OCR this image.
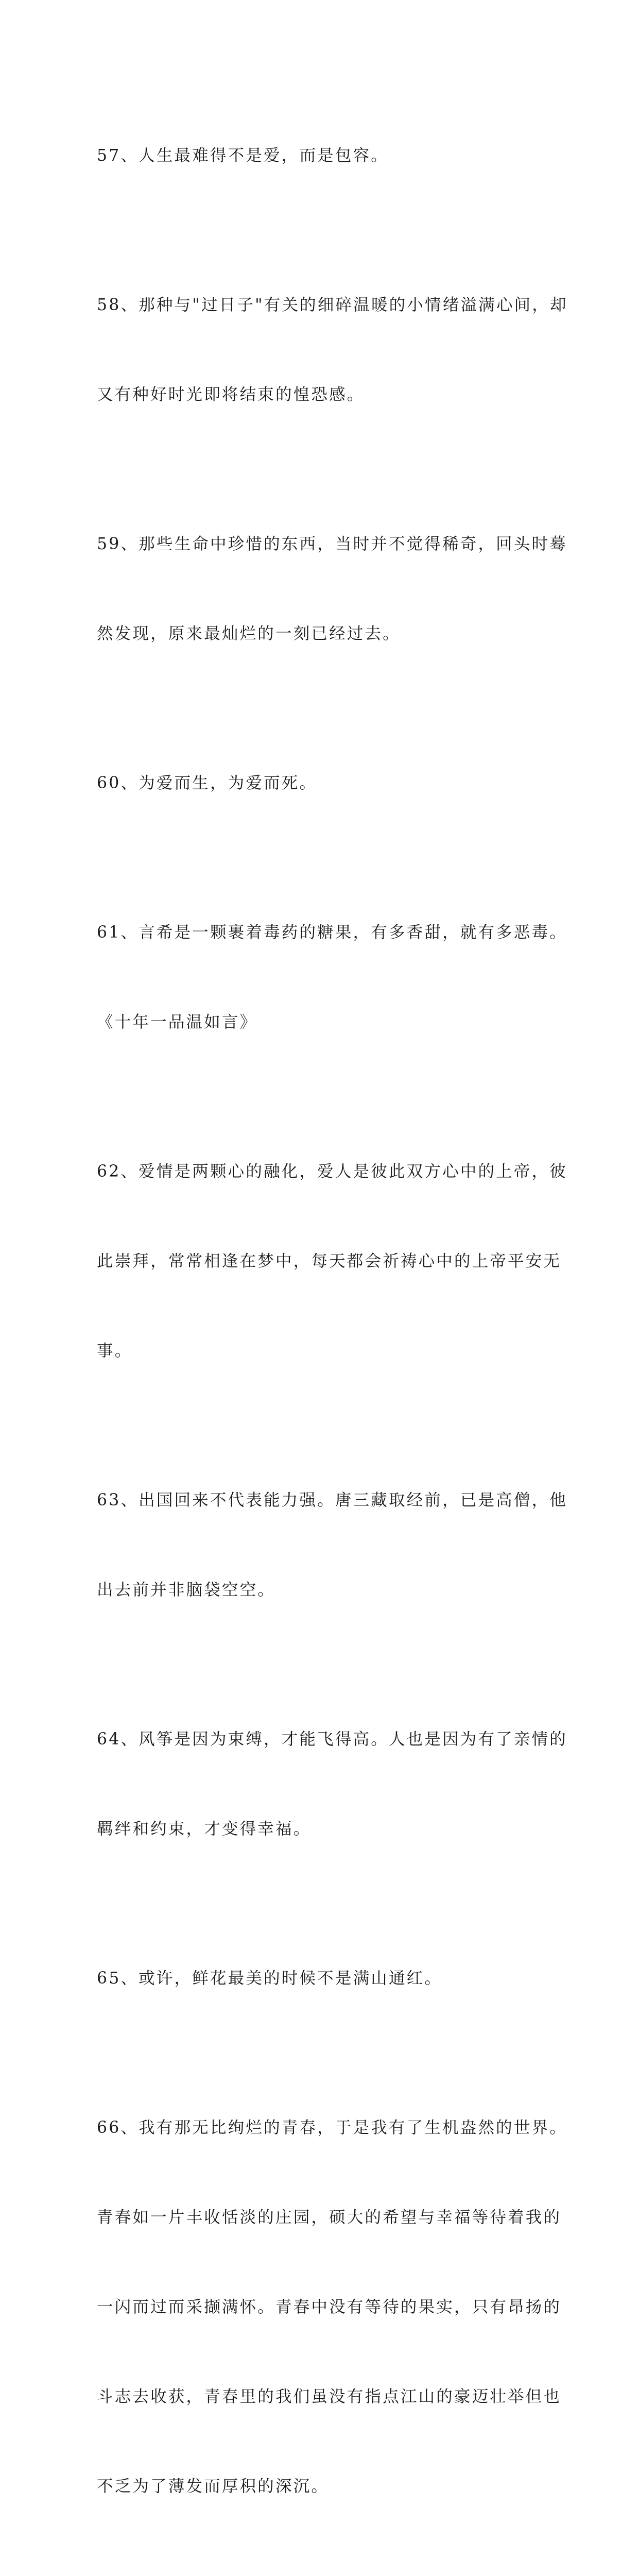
57、人生最难得不是爱，而是包容。

58、那种与"过日子"有关的细碎温暖的小情绪溢满心间，却

又有种好时光即将结束的惶恐感。

59、那些生命中珍惜的东西，当时并不觉得稀奇，回头时蓦

然发现，原来最灿烂的一刻已经过去。

60、为爱而生，为爱而死。

61、言希是一颗裹着毒药的糖果，有多香甜，就有多恶毒。

《十年一品温如言》

62、爱情是两颗心的融化，爱人是彼此双方心中的上帝，彼

此崇拜，常常相逢在梦中，每天都会祈祷心中的上帝平安无

事。

63、出国回来不代表能力强。唐三藏取经前，已是高僧，他

出去前并非脑袋空空。

64、风筝是因为束缚，才能飞得高。人也是因为有了亲情的

羁绊和约束，才变得幸福。

65、或许，鲜花最美的时候不是满山通红。

66、我有那无比绚烂的青春，于是我有了生机盎然的世界。

青春如一片丰收恬淡的庄园，硕大的希望与幸福等待着我的

一闪而过而采撷满怀。青春中没有等待的果实，只有昂扬的

斗志去收获，青春里的我们虽没有指点江山的豪迈壮举但也

不乏为了薄发而厚积的深沉。
